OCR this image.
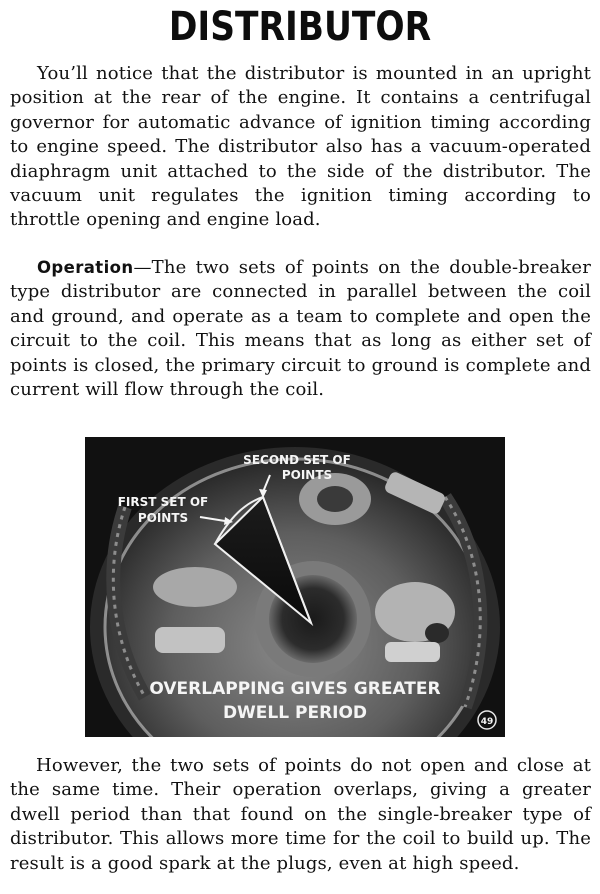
DISTRIBUTOR

You’ll notice that the distributor is mounted in an upright position at the rear of the engine. It contains a centrifugal governor for automatic advance of ignition timing according to engine speed. The distributor also has a vacuum-operated diaphragm unit attached to the side of the distributor. The vacuum unit regulates the ignition timing according to throttle opening and engine load.

Operation—The two sets of points on the double-breaker type distributor are connected in parallel between the coil and ground, and operate as a team to complete and open the circuit to the coil. This means that as long as either set of points is closed, the primary circuit to ground is complete and current will flow through the coil.

SECOND SET OF
POINTS
FIRST SET OF
POINTS
OVERLAPPING GIVES GREATER
DWELL PERIOD	49

However, the two sets of points do not open and close at the same time. Their operation overlaps, giving a greater dwell period than that found on the single-breaker type of distributor. This allows more time for the coil to build up. The result is a good spark at the plugs, even at high speed.
